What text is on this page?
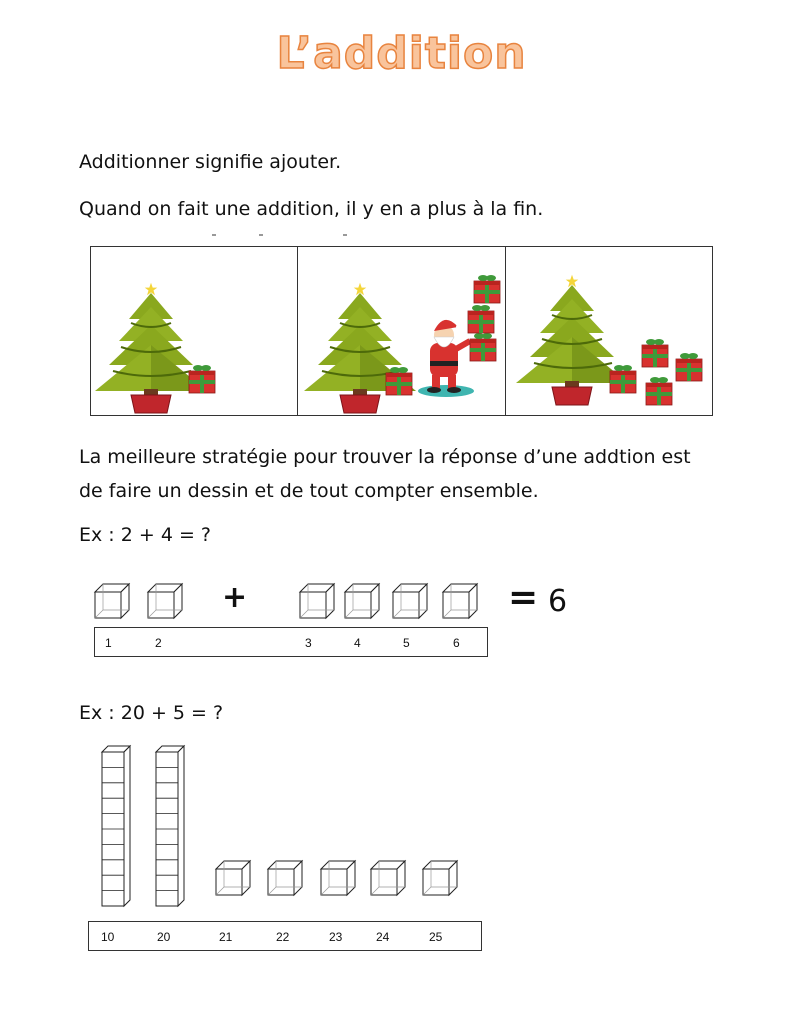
L’addition
Additionner signifie ajouter.
Quand on fait une addition, il y en a plus à la fin.
La meilleure stratégie pour trouver la réponse d’une addtion est
de faire un dessin et de tout compter ensemble.
Ex : 2 + 4 = ?
+	= 6
1	2	3	4	5	6
Ex : 20 + 5 = ?
10	20	21	22	23	24	25
